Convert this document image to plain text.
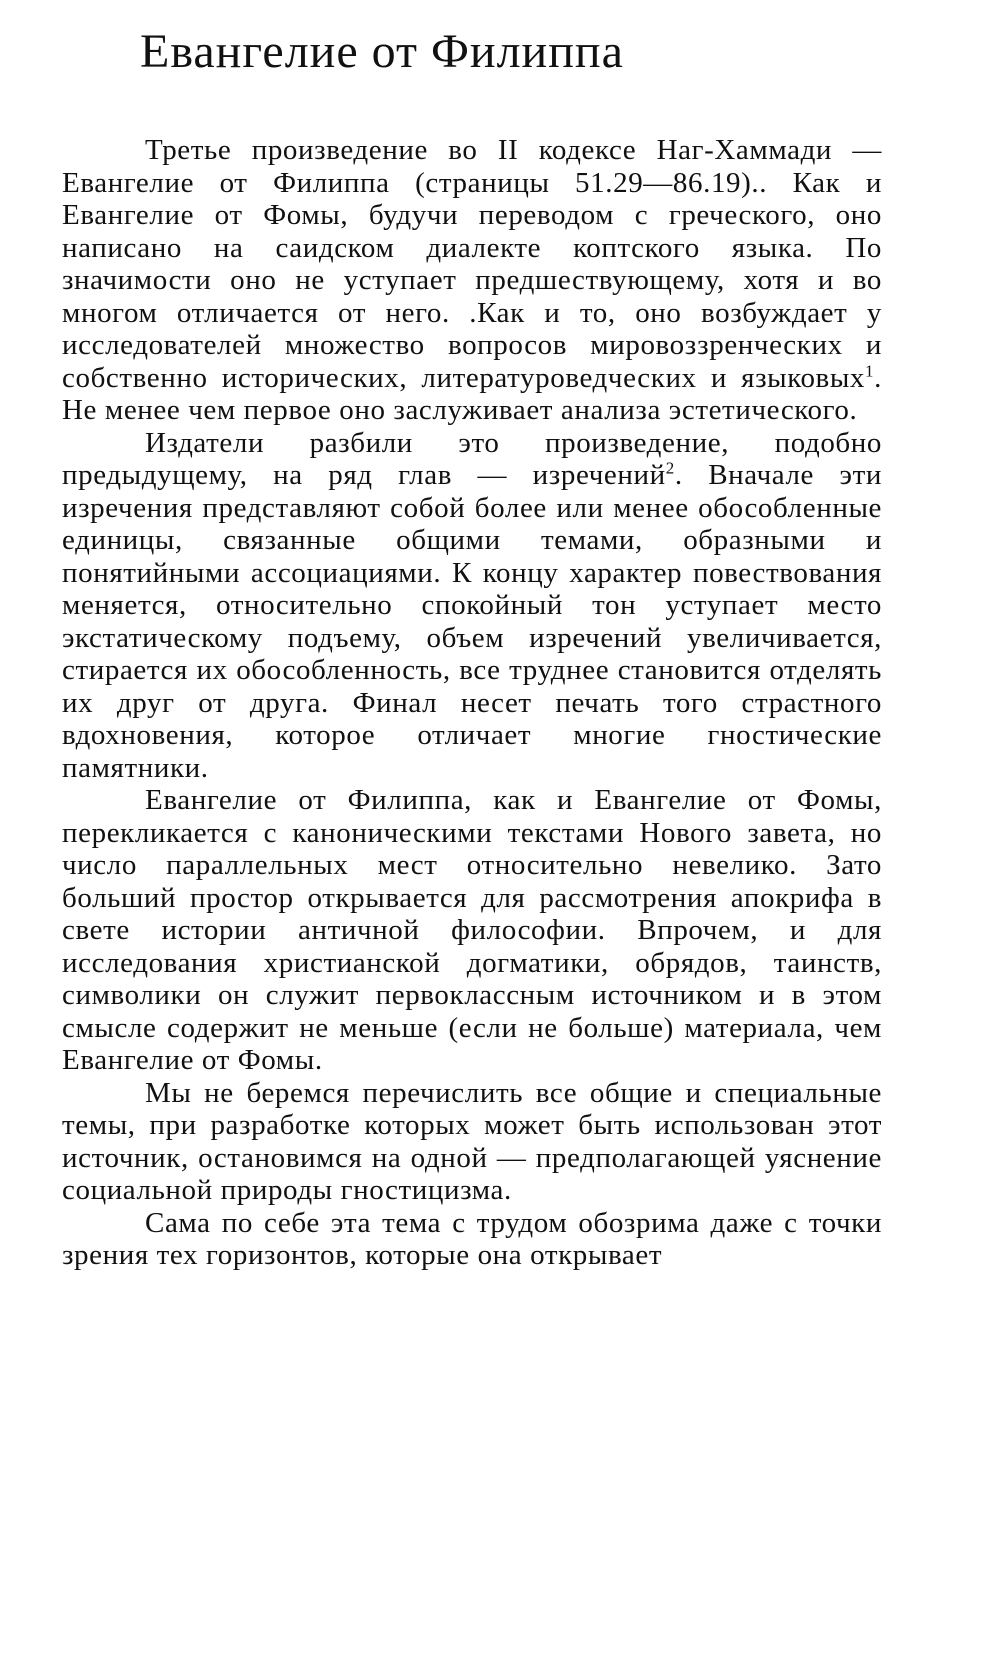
Евангелие от Филиппа

Третье произведение во II кодексе Наг-Хаммади — Евангелие от Филиппа (страницы 51.29—86.19).. Как и Евангелие от Фомы, будучи переводом с греческого, оно написано на саидском диалекте коптского языка. По значимости оно не уступает предшествующему, хотя и во многом отличается от него. .Как и то, оно возбуждает у исследователей множество вопросов мировоззренческих и собственно исторических, литературоведческих и языковых$^1$. Не менее чем первое оно заслуживает анализа эстетического.

Издатели разбили это произведение, подобно предыдущему, на ряд глав — изречений$^2$. Вначале эти изречения представляют собой более или менее обособленные единицы, связанные общими темами, образными и понятийными ассоциациями. К концу характер повествования меняется, относительно спокойный тон уступает место экстатическому подъему, объем изречений увеличивается, стирается их обособленность, все труднее становится отделять их друг от друга. Финал несет печать того страстного вдохновения, которое отличает многие гностические памятники.

Евангелие от Филиппа, как и Евангелие от Фомы, перекликается с каноническими текстами Нового завета, но число параллельных мест относительно невелико. Зато больший простор открывается для рассмотрения апокрифа в свете истории античной философии. Впрочем, и для исследования христианской догматики, обрядов, таинств, символики он служит первоклассным источником и в этом смысле содержит не меньше (если не больше) материала, чем Евангелие от Фомы.

Мы не беремся перечислить все общие и специальные темы, при разработке которых может быть использован этот источник, остановимся на одной — предполагающей уяснение социальной природы гностицизма.

Сама по себе эта тема с трудом обозрима даже с точки зрения тех горизонтов, которые она открывает
